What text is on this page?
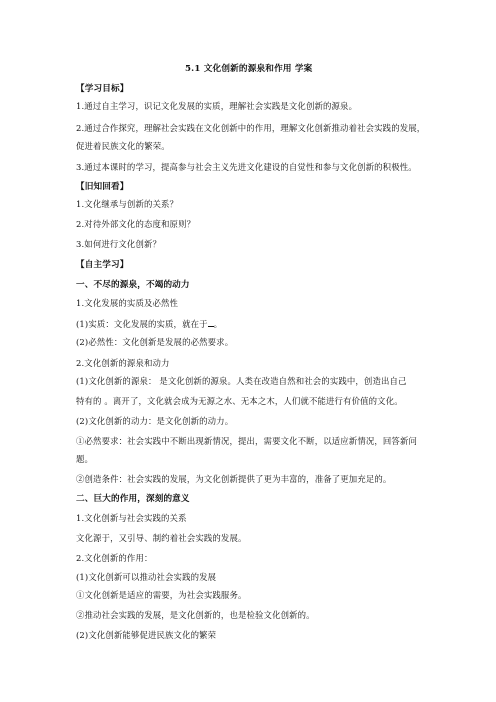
5.1 文化创新的源泉和作用 学案
【学习目标】
1.通过自主学习，识记文化发展的实质，理解社会实践是文化创新的源泉。
2.通过合作探究，理解社会实践在文化创新中的作用，理解文化创新推动着社会实践的发展，
促进着民族文化的繁荣。
3.通过本课时的学习，提高参与社会主义先进文化建设的自觉性和参与文化创新的积极性。
【旧知回看】
1.文化继承与创新的关系？
2.对待外部文化的态度和原则？
3.如何进行文化创新？
【自主学习】
一、不尽的源泉，不竭的动力
1.文化发展的实质及必然性
(1)实质：文化发展的实质，就在于 。
(2)必然性：文化创新是发展的必然要求。
2.文化创新的源泉和动力
(1)文化创新的源泉： 是文化创新的源泉。人类在改造自然和社会的实践中，创造出自己
特有的 。离开了，文化就会成为无源之水、无本之木，人们就不能进行有价值的文化。
(2)文化创新的动力：是文化创新的动力。
①必然要求：社会实践中不断出现新情况，提出，需要文化不断，以适应新情况，回答新问
题。
②创造条件：社会实践的发展，为文化创新提供了更为丰富的，准备了更加充足的。
二、巨大的作用，深刻的意义
1.文化创新与社会实践的关系
文化源于，又引导、制约着社会实践的发展。
2.文化创新的作用：
(1)文化创新可以推动社会实践的发展
①文化创新是适应的需要，为社会实践服务。
②推动社会实践的发展，是文化创新的，也是检验文化创新的。
(2)文化创新能够促进民族文化的繁荣
